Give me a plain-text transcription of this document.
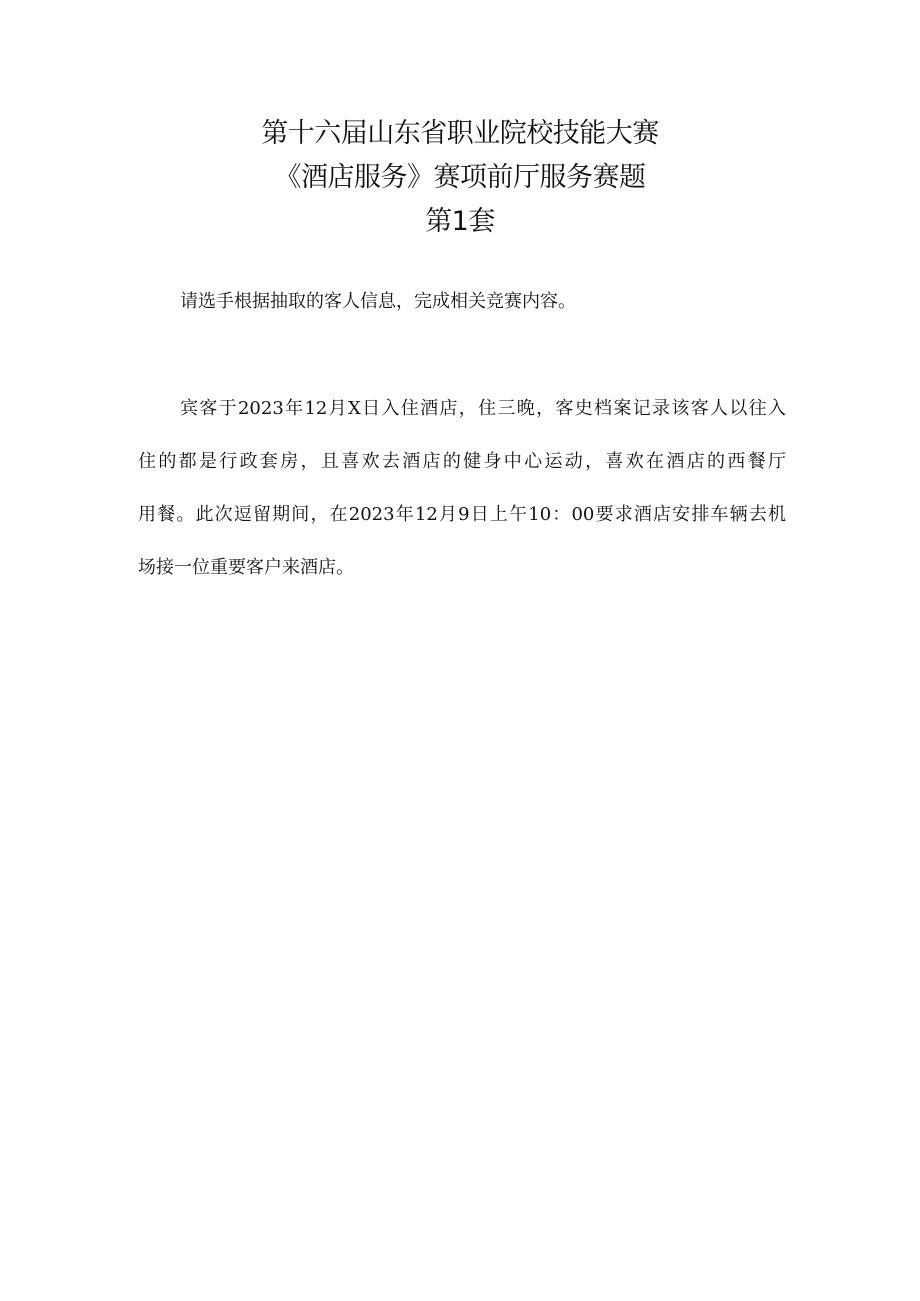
第十六届山东省职业院校技能大赛
《酒店服务》赛项前厅服务赛题
第1套
请选手根据抽取的客人信息，完成相关竞赛内容。
宾客于2023年12月X日入住酒店，住三晚，客史档案记录该客人以往入
住的都是行政套房，且喜欢去酒店的健身中心运动，喜欢在酒店的西餐厅
用餐。此次逗留期间，在2023年12月9日上午10：00要求酒店安排车辆去机
场接一位重要客户来酒店。
